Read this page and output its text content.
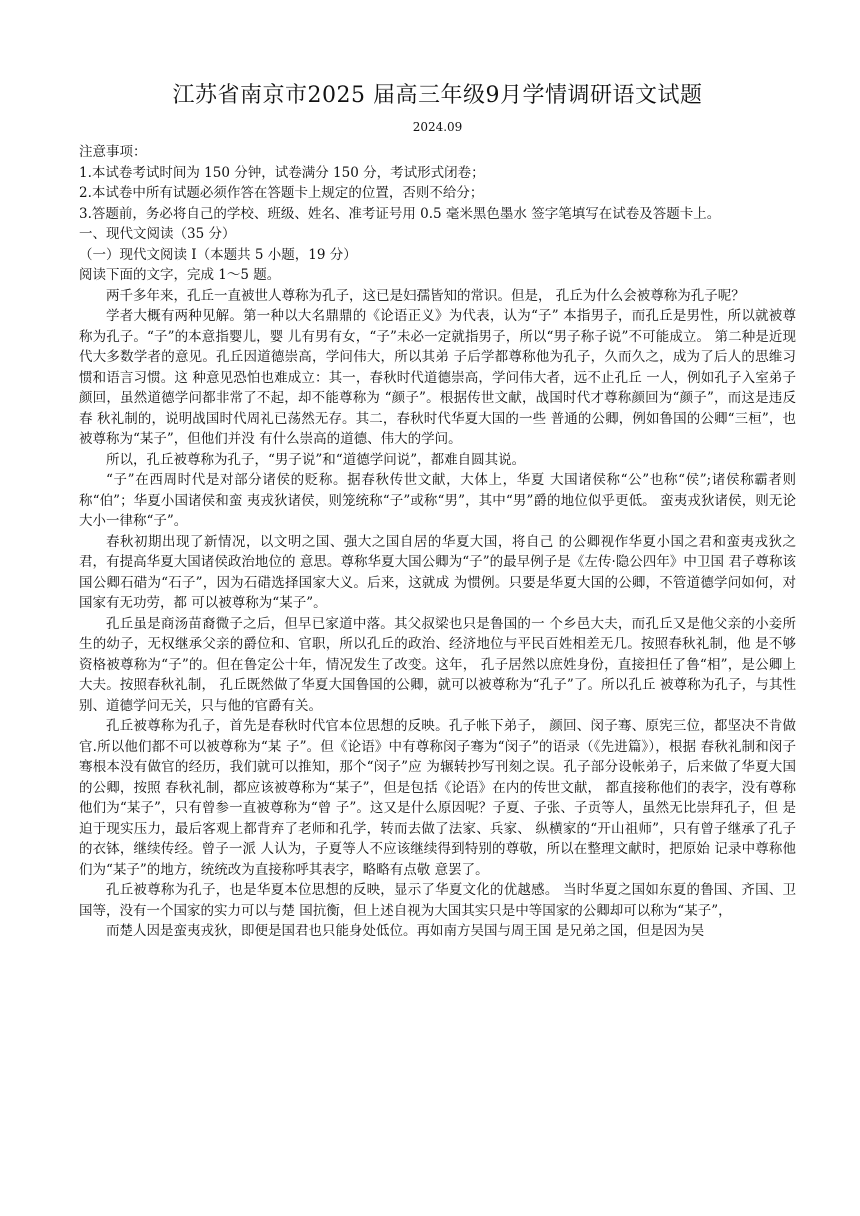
江苏省南京市2025 届高三年级9月学情调研语文试题
2024.09

注意事项：

1.本试卷考试时间为 150 分钟，试卷满分 150 分，考试形式闭卷；

2.本试卷中所有试题必须作答在答题卡上规定的位置，否则不给分；

3.答题前，务必将自己的学校、班级、姓名、准考证号用 0.5 毫米黑色墨水 签字笔填写在试卷及答题卡上。

一、现代文阅读（35 分）

（一）现代文阅读 I（本题共 5 小题，19 分）

阅读下面的文字，完成 1～5 题。

两千多年来，孔丘一直被世人尊称为孔子，这已是妇孺皆知的常识。但是， 孔丘为什么会被尊称为孔子呢？

学者大概有两种见解。第一种以大名鼎鼎的《论语正义》为代表，认为“子” 本指男子，而孔丘是男性，所以就被尊称为孔子。“子”的本意指婴儿，婴 儿有男有女，“子”未必一定就指男子，所以“男子称子说”不可能成立。 第二种是近现代大多数学者的意见。孔丘因道德崇高，学问伟大，所以其弟 子后学都尊称他为孔子，久而久之，成为了后人的思维习惯和语言习惯。这 种意见恐怕也难成立：其一，春秋时代道德崇高，学问伟大者，远不止孔丘 一人，例如孔子入室弟子颜回，虽然道德学问都非常了不起，却不能尊称为 “颜子”。根据传世文献，战国时代才尊称颜回为“颜子”，而这是违反春 秋礼制的，说明战国时代周礼已荡然无存。其二，春秋时代华夏大国的一些 普通的公卿，例如鲁国的公卿“三桓”，也被尊称为“某子”，但他们并没 有什么崇高的道德、伟大的学问。

所以，孔丘被尊称为孔子，“男子说”和“道德学问说”，都难自圆其说。

“子”在西周时代是对部分诸侯的贬称。据春秋传世文献，大体上，华夏 大国诸侯称“公”也称“侯”;诸侯称霸者则称“伯”；华夏小国诸侯和蛮 夷戎狄诸侯，则笼统称“子”或称“男”，其中“男”爵的地位似乎更低。 蛮夷戎狄诸侯，则无论大小一律称“子”。

春秋初期出现了新情况，以文明之国、强大之国自居的华夏大国，将自己 的公卿视作华夏小国之君和蛮夷戎狄之君，有提高华夏大国诸侯政治地位的 意思。尊称华夏大国公卿为“子”的最早例子是《左传·隐公四年》中卫国 君子尊称该国公卿石碏为“石子”，因为石碏选择国家大义。后来，这就成 为惯例。只要是华夏大国的公卿，不管道德学问如何，对国家有无功劳，都 可以被尊称为“某子”。

孔丘虽是商汤苗裔微子之后，但早已家道中落。其父叔梁也只是鲁国的一 个乡邑大夫，而孔丘又是他父亲的小妾所生的幼子，无权继承父亲的爵位和、官职，所以孔丘的政治、经济地位与平民百姓相差无几。按照春秋礼制，他 是不够资格被尊称为“子”的。但在鲁定公十年，情况发生了改变。这年， 孔子居然以庶姓身份，直接担任了鲁“相”，是公卿上大夫。按照春秋礼制， 孔丘既然做了华夏大国鲁国的公卿，就可以被尊称为“孔子”了。所以孔丘 被尊称为孔子，与其性别、道德学问无关，只与他的官爵有关。

孔丘被尊称为孔子，首先是春秋时代官本位思想的反映。孔子帐下弟子， 颜回、闵子骞、原宪三位，都坚决不肯做官.所以他们都不可以被尊称为“某 子”。但《论语》中有尊称闵子骞为“闵子”的语录（《先进篇》），根据 春秋礼制和闵子骞根本没有做官的经历，我们就可以推知，那个“闵子”应 为辗转抄写刊刻之误。孔子部分设帐弟子，后来做了华夏大国的公卿，按照 春秋礼制，都应该被尊称为“某子”，但是包括《论语》在内的传世文献， 都直接称他们的表字，没有尊称他们为“某子”，只有曾参一直被尊称为“曾 子”。这又是什么原因呢？子夏、子张、子贡等人，虽然无比崇拜孔子，但 是迫于现实压力，最后客观上都背弃了老师和孔学，转而去做了法家、兵家、 纵横家的“开山祖师”，只有曾子继承了孔子的衣钵，继续传经。曾子一派 人认为，子夏等人不应该继续得到特别的尊敬，所以在整理文献时，把原始 记录中尊称他们为“某子”的地方，统统改为直接称呼其表字，略略有点敬 意罢了。

孔丘被尊称为孔子，也是华夏本位思想的反映，显示了华夏文化的优越感。 当时华夏之国如东夏的鲁国、齐国、卫国等，没有一个国家的实力可以与楚 国抗衡，但上述自视为大国其实只是中等国家的公卿却可以称为“某子”，

而楚人因是蛮夷戎狄，即便是国君也只能身处低位。再如南方吴国与周王国 是兄弟之国，但是因为吴
